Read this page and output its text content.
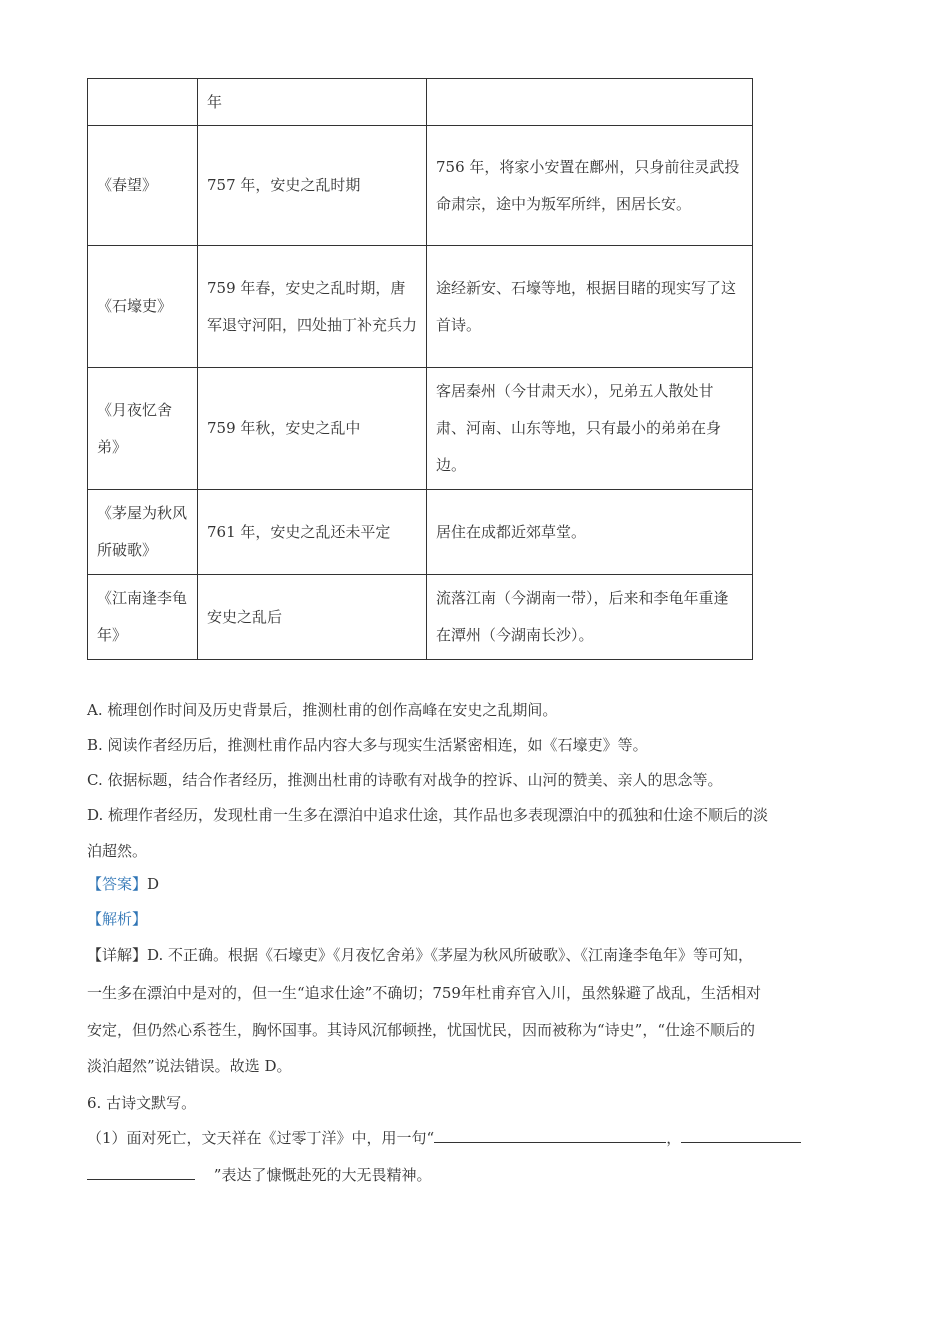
	年	
《春望》	757 年，安史之乱时期	756 年，将家小安置在鄜州，只身前往灵武投命肃宗，途中为叛军所绊，困居长安。
《石壕吏》	759 年春，安史之乱时期，唐军退守河阳，四处抽丁补充兵力	途经新安、石壕等地，根据目睹的现实写了这首诗。
《月夜忆舍弟》	759 年秋，安史之乱中	客居秦州（今甘肃天水），兄弟五人散处甘肃、河南、山东等地，只有最小的弟弟在身边。
《茅屋为秋风所破歌》	761 年，安史之乱还未平定	居住在成都近郊草堂。
《江南逢李龟年》	安史之乱后	流落江南（今湖南一带），后来和李龟年重逢在潭州（今湖南长沙）。
A. 梳理创作时间及历史背景后，推测杜甫的创作高峰在安史之乱期间。
B. 阅读作者经历后，推测杜甫作品内容大多与现实生活紧密相连，如《石壕吏》等。
C. 依据标题，结合作者经历，推测出杜甫的诗歌有对战争的控诉、山河的赞美、亲人的思念等。
D. 梳理作者经历，发现杜甫一生多在漂泊中追求仕途，其作品也多表现漂泊中的孤独和仕途不顺后的淡
泊超然。
【答案】D
【解析】
【详解】D. 不正确。根据《石壕吏》《月夜忆舍弟》《茅屋为秋风所破歌》、《江南逢李龟年》等可知，
一生多在漂泊中是对的，但一生“追求仕途”不确切；759年杜甫弃官入川，虽然躲避了战乱，生活相对
安定，但仍然心系苍生，胸怀国事。其诗风沉郁顿挫，忧国忧民，因而被称为“诗史”，“仕途不顺后的
淡泊超然”说法错误。故选 D。
6. 古诗文默写。
（1）面对死亡，文天祥在《过零丁洋》中，用一句“	，
”表达了慷慨赴死的大无畏精神。
